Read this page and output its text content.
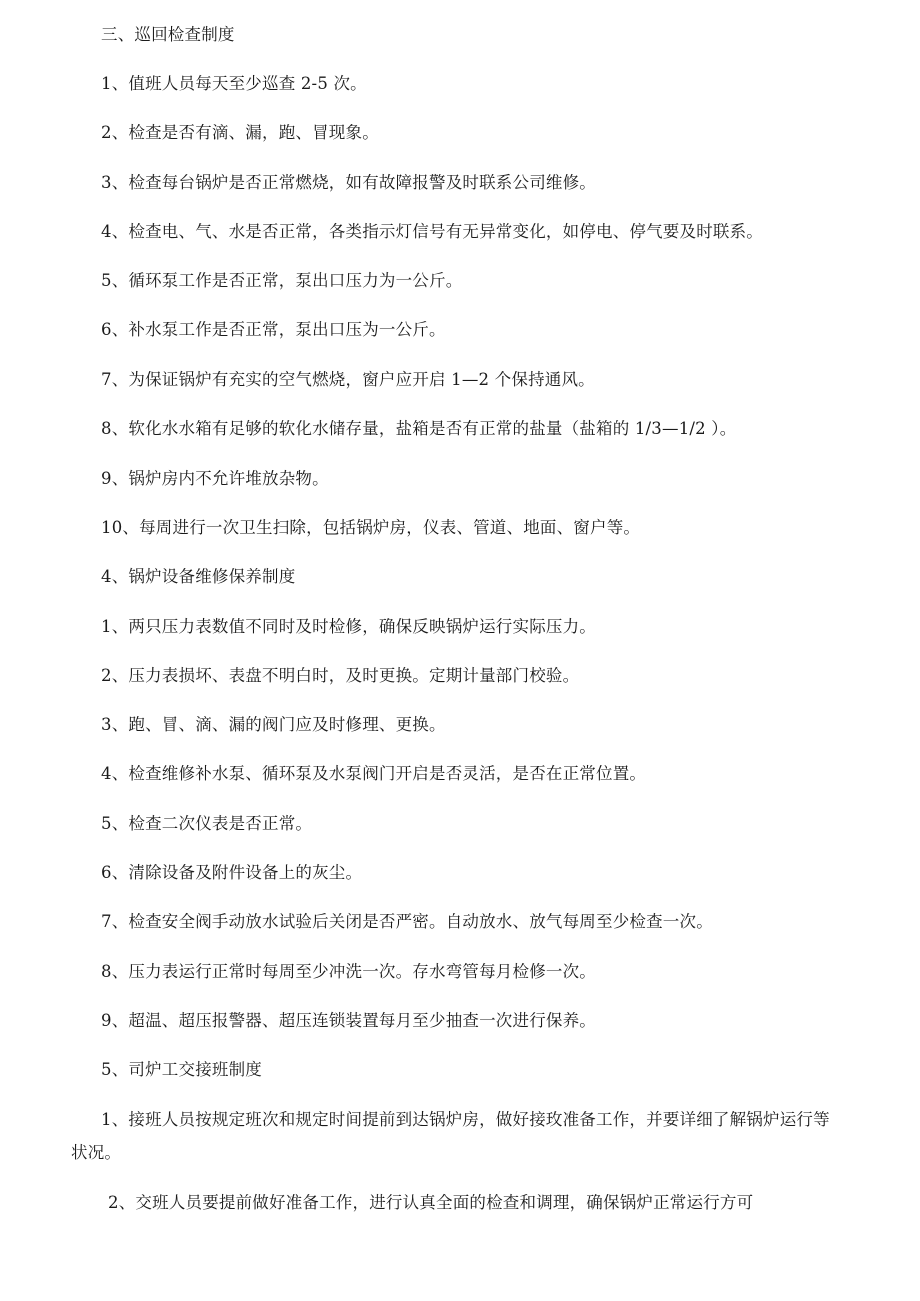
三、巡回检查制度
1、值班人员每天至少巡查 2-5 次。
2、检查是否有滴、漏，跑、冒现象。
3、检查每台锅炉是否正常燃烧，如有故障报警及时联系公司维修。
4、检查电、气、水是否正常，各类指示灯信号有无异常变化，如停电、停气要及时联系。
5、循环泵工作是否正常，泵出口压力为一公斤。
6、补水泵工作是否正常，泵出口压为一公斤。
7、为保证锅炉有充实的空气燃烧，窗户应开启 1—2 个保持通风。
8、软化水水箱有足够的软化水储存量，盐箱是否有正常的盐量（盐箱的 1/3—1/2 ）。
9、锅炉房内不允许堆放杂物。
10、每周进行一次卫生扫除，包括锅炉房，仪表、管道、地面、窗户等。
4、锅炉设备维修保养制度
1、两只压力表数值不同时及时检修，确保反映锅炉运行实际压力。
2、压力表损坏、表盘不明白时，及时更换。定期计量部门校验。
3、跑、冒、滴、漏的阀门应及时修理、更换。
4、检查维修补水泵、循环泵及水泵阀门开启是否灵活，是否在正常位置。
5、检查二次仪表是否正常。
6、清除设备及附件设备上的灰尘。
7、检查安全阀手动放水试验后关闭是否严密。自动放水、放气每周至少检查一次。
8、压力表运行正常时每周至少冲洗一次。存水弯管每月检修一次。
9、超温、超压报警器、超压连锁装置每月至少抽查一次进行保养。
5、司炉工交接班制度
1、接班人员按规定班次和规定时间提前到达锅炉房，做好接玫准备工作，并要详细了解锅炉运行等状况。
2、交班人员要提前做好准备工作，进行认真全面的检查和调理，确保锅炉正常运行方可
